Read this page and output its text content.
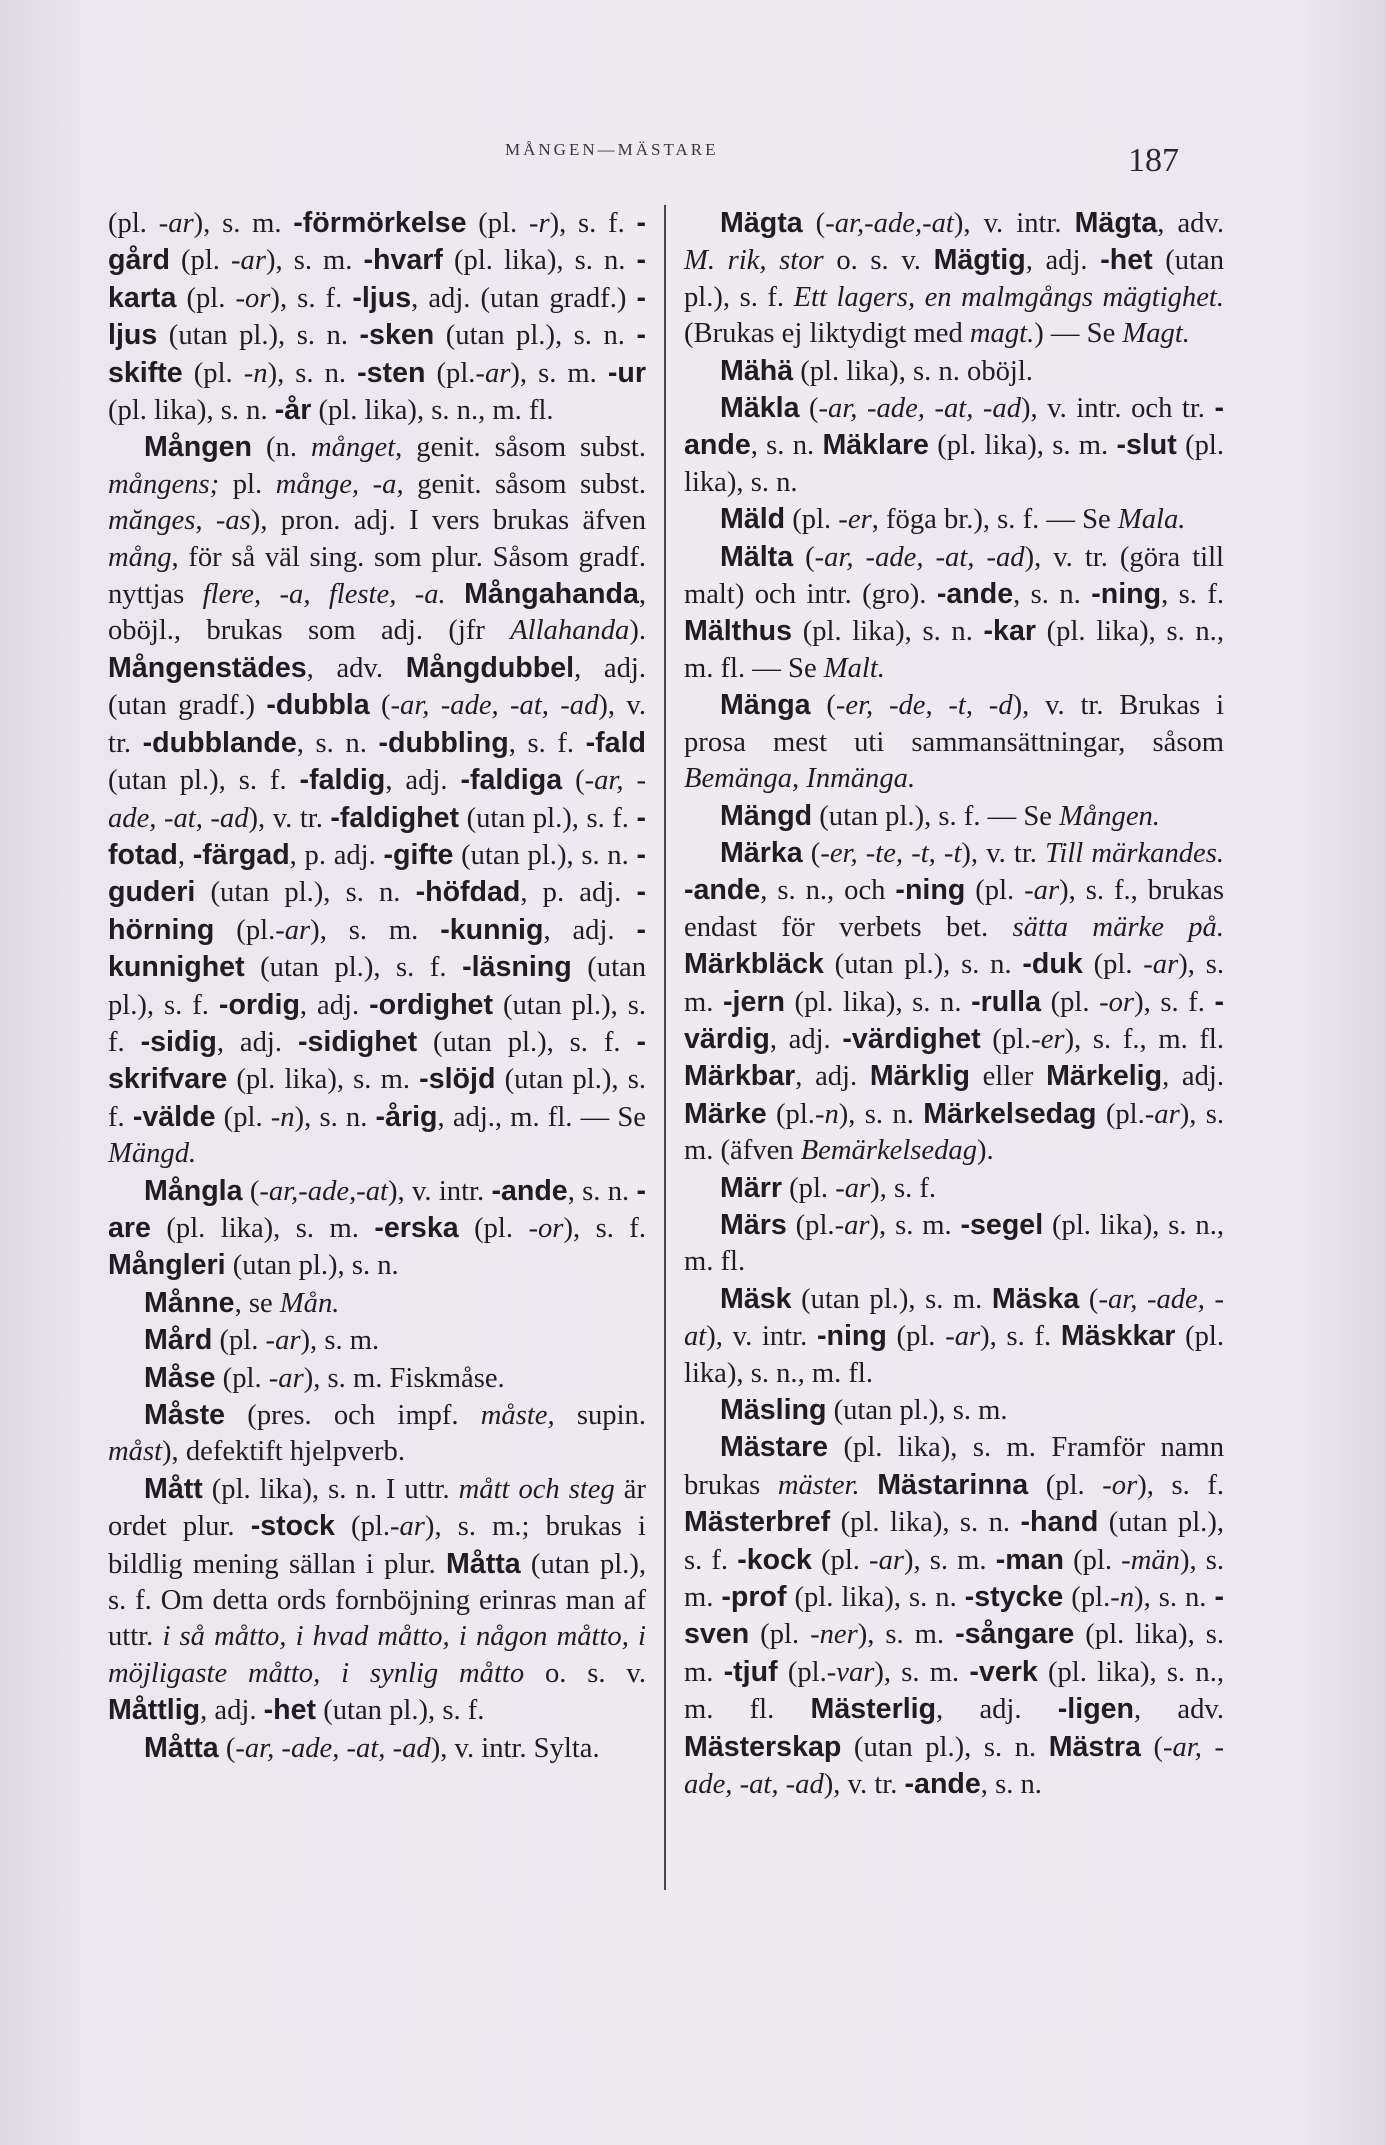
MÅNGEN—MÄSTARE	187

(pl. -ar), s. m. -förmörkelse (pl. -r), s. f. -gård (pl. -ar), s. m. -hvarf (pl. lika), s. n. -karta (pl. -or), s. f. -ljus, adj. (utan gradf.) -ljus (utan pl.), s. n. -sken (utan pl.), s. n. -skifte (pl. -n), s. n. -sten (pl.-ar), s. m. -ur (pl. lika), s. n. -år (pl. lika), s. n., m. fl.

Mången (n. månget, genit. såsom subst. mångens; pl. månge, -a, genit. såsom subst. mănges, -as), pron. adj. I vers brukas äfven mång, för så väl sing. som plur. Såsom gradf. nyttjas flere, -a, fleste, -a. Mångahanda, oböjl., brukas som adj. (jfr Allahanda). Mångenstädes, adv. Mångdubbel, adj. (utan gradf.) -dubbla (-ar, -ade, -at, -ad), v. tr. -dubblande, s. n. -dubbling, s. f. -fald (utan pl.), s. f. -faldig, adj. -faldiga (-ar, -ade, -at, -ad), v. tr. -faldighet (utan pl.), s. f. -fotad, -färgad, p. adj. -gifte (utan pl.), s. n. -guderi (utan pl.), s. n. -höfdad, p. adj. -hörning (pl.-ar), s. m. -kunnig, adj. -kunnighet (utan pl.), s. f. -läsning (utan pl.), s. f. -ordig, adj. -ordighet (utan pl.), s. f. -sidig, adj. -sidighet (utan pl.), s. f. -skrifvare (pl. lika), s. m. -slöjd (utan pl.), s. f. -välde (pl. -n), s. n. -årig, adj., m. fl. — Se Mängd.

Mångla (-ar,-ade,-at), v. intr. -ande, s. n. -are (pl. lika), s. m. -erska (pl. -or), s. f. Mångleri (utan pl.), s. n.

Månne, se Mån.

Mård (pl. -ar), s. m.

Måse (pl. -ar), s. m. Fiskmåse.

Måste (pres. och impf. måste, supin. måst), defektift hjelpverb.

Mått (pl. lika), s. n. I uttr. mått och steg är ordet plur. -stock (pl.-ar), s. m.; brukas i bildlig mening sällan i plur. Måtta (utan pl.), s. f. Om detta ords fornböjning erinras man af uttr. i så måtto, i hvad måtto, i någon måtto, i möjligaste måtto, i synlig måtto o. s. v. Måttlig, adj. -het (utan pl.), s. f.

Måtta (-ar, -ade, -at, -ad), v. intr. Sylta.

Mägta (-ar,-ade,-at), v. intr. Mägta, adv. M. rik, stor o. s. v. Mägtig, adj. -het (utan pl.), s. f. Ett lagers, en malmgångs mägtighet. (Brukas ej liktydigt med magt.) — Se Magt.

Mähä (pl. lika), s. n. oböjl.

Mäkla (-ar, -ade, -at, -ad), v. intr. och tr. -ande, s. n. Mäklare (pl. lika), s. m. -slut (pl. lika), s. n.

Mäld (pl. -er, föga br.), s. f. — Se Mala.

Mälta (-ar, -ade, -at, -ad), v. tr. (göra till malt) och intr. (gro). -ande, s. n. -ning, s. f. Mälthus (pl. lika), s. n. -kar (pl. lika), s. n., m. fl. — Se Malt.

Mänga (-er, -de, -t, -d), v. tr. Brukas i prosa mest uti sammansättningar, såsom Bemänga, Inmänga.

Mängd (utan pl.), s. f. — Se Mången.

Märka (-er, -te, -t, -t), v. tr. Till märkandes. -ande, s. n., och -ning (pl. -ar), s. f., brukas endast för verbets bet. sätta märke på. Märkbläck (utan pl.), s. n. -duk (pl. -ar), s. m. -jern (pl. lika), s. n. -rulla (pl. -or), s. f. -värdig, adj. -värdighet (pl.-er), s. f., m. fl. Märkbar, adj. Märklig eller Märkelig, adj. Märke (pl.-n), s. n. Märkelsedag (pl.-ar), s. m. (äfven Bemärkelsedag).

Märr (pl. -ar), s. f.

Märs (pl.-ar), s. m. -segel (pl. lika), s. n., m. fl.

Mäsk (utan pl.), s. m. Mäska (-ar, -ade, -at), v. intr. -ning (pl. -ar), s. f. Mäskkar (pl. lika), s. n., m. fl.

Mäsling (utan pl.), s. m.

Mästare (pl. lika), s. m. Framför namn brukas mäster. Mästarinna (pl. -or), s. f. Mästerbref (pl. lika), s. n. -hand (utan pl.), s. f. -kock (pl. -ar), s. m. -man (pl. -män), s. m. -prof (pl. lika), s. n. -stycke (pl.-n), s. n. -sven (pl. -ner), s. m. -sångare (pl. lika), s. m. -tjuf (pl.-var), s. m. -verk (pl. lika), s. n., m. fl. Mästerlig, adj. -ligen, adv. Mästerskap (utan pl.), s. n. Mästra (-ar, -ade, -at, -ad), v. tr. -ande, s. n.
